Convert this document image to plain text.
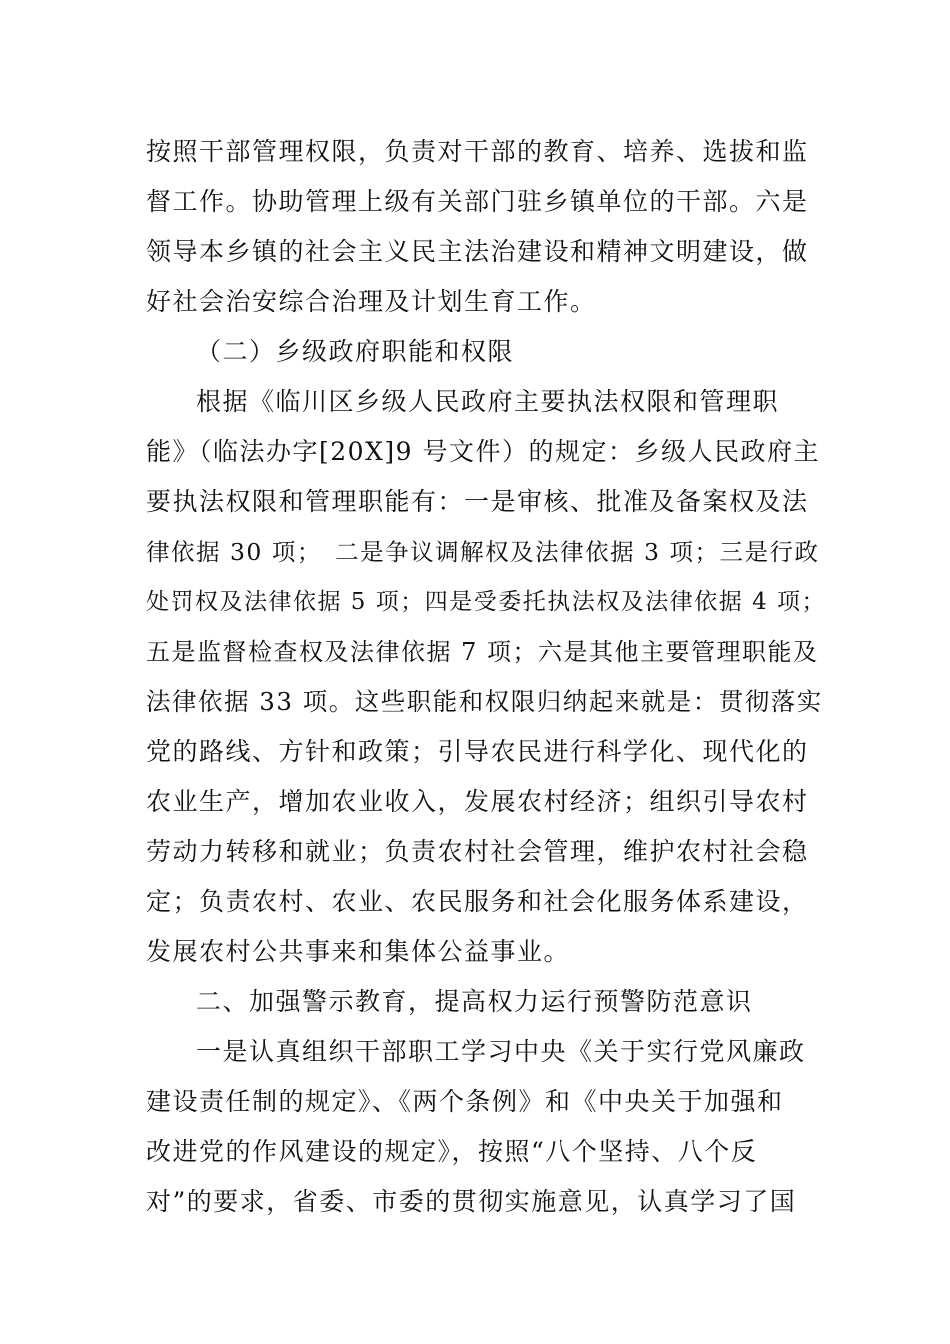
按照干部管理权限，负责对干部的教育、培养、选拔和监
督工作。协助管理上级有关部门驻乡镇单位的干部。六是
领导本乡镇的社会主义民主法治建设和精神文明建设，做
好社会治安综合治理及计划生育工作。
（二）乡级政府职能和权限
根据《临川区乡级人民政府主要执法权限和管理职
能》（临法办字[20X]9 号文件）的规定：乡级人民政府主
要执法权限和管理职能有：一是审核、批准及备案权及法
律依据 30 项；　二是争议调解权及法律依据 3 项；三是行政
处罚权及法律依据 5 项；四是受委托执法权及法律依据 4 项；
五是监督检查权及法律依据 7 项；六是其他主要管理职能及
法律依据 33 项。这些职能和权限归纳起来就是：贯彻落实
党的路线、方针和政策；引导农民进行科学化、现代化的
农业生产，增加农业收入，发展农村经济；组织引导农村
劳动力转移和就业；负责农村社会管理，维护农村社会稳
定；负责农村、农业、农民服务和社会化服务体系建设，
发展农村公共事来和集体公益事业。
二、加强警示教育，提高权力运行预警防范意识
一是认真组织干部职工学习中央《关于实行党风廉政
建设责任制的规定》、《两个条例》和《中央关于加强和
改进党的作风建设的规定》，按照“八个坚持、八个反
对”的要求，省委、市委的贯彻实施意见，认真学习了国
